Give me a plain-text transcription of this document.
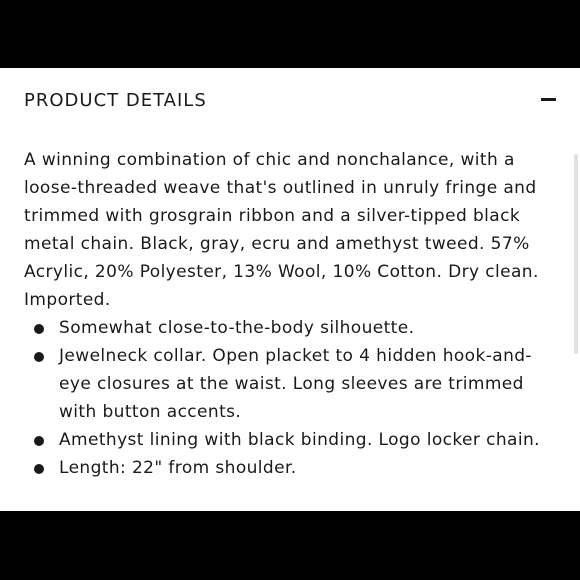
PRODUCT DETAILS

A winning combination of chic and nonchalance, with a loose-threaded weave that's outlined in unruly fringe and trimmed with grosgrain ribbon and a silver-tipped black metal chain. Black, gray, ecru and amethyst tweed. 57% Acrylic, 20% Polyester, 13% Wool, 10% Cotton. Dry clean. Imported.

Somewhat close-to-the-body silhouette.
Jewelneck collar. Open placket to 4 hidden hook-and-eye closures at the waist. Long sleeves are trimmed with button accents.
Amethyst lining with black binding. Logo locker chain.
Length: 22" from shoulder.
